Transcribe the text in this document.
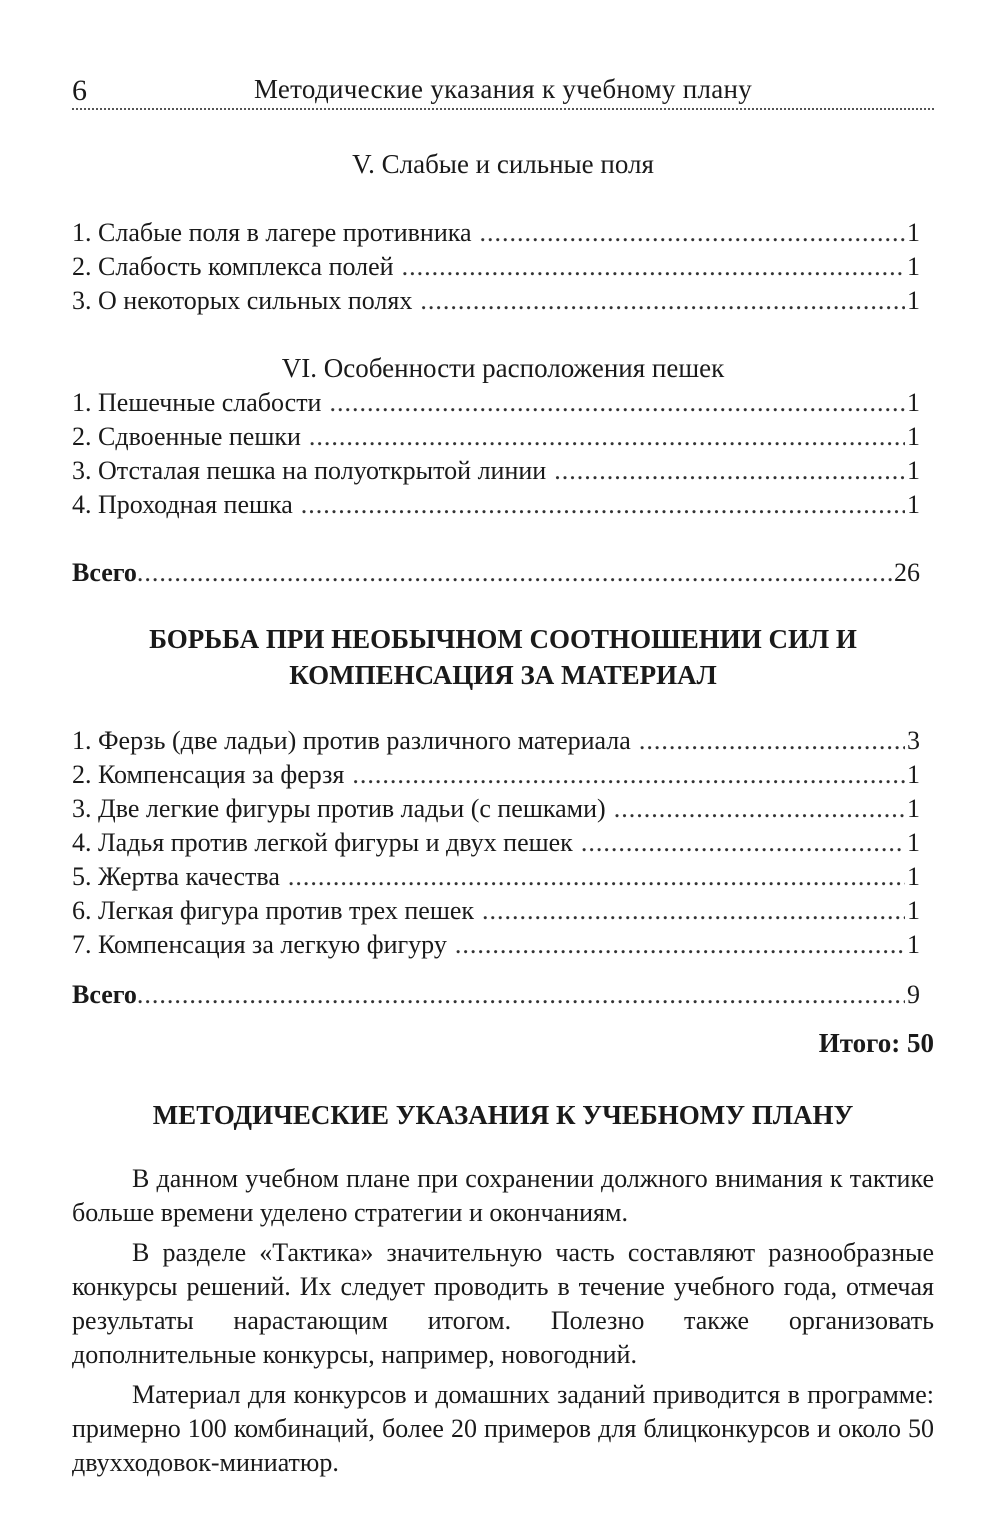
6	Методические указания к учебному плану
V. Слабые и сильные поля
1. Слабые поля в лагере противника .....	1
2. Слабость комплекса полей .....	1
3. О некоторых сильных полях .....	1
VI. Особенности расположения пешек
1. Пешечные слабости .....	1
2. Сдвоенные пешки .....	1
3. Отсталая пешка на полуоткрытой линии .....	1
4. Проходная пешка .....	1
Всего .....	26
БОРЬБА ПРИ НЕОБЫЧНОМ СООТНОШЕНИИ СИЛ И
КОМПЕНСАЦИЯ ЗА МАТЕРИАЛ
1. Ферзь (две ладьи) против различного материала .....	3
2. Компенсация за ферзя .....	1
3. Две легкие фигуры против ладьи (с пешками) .....	1
4. Ладья против легкой фигуры и двух пешек .....	1
5. Жертва качества .....	1
6. Легкая фигура против трех пешек .....	1
7. Компенсация за легкую фигуру .....	1
Всего .....	9
Итого: 50
МЕТОДИЧЕСКИЕ УКАЗАНИЯ К УЧЕБНОМУ ПЛАНУ

В данном учебном плане при сохранении должного внимания к тактике больше времени уделено стратегии и окончаниям.

В разделе «Тактика» значительную часть составляют разнообразные конкурсы решений. Их следует проводить в течение учебного года, отмечая результаты нарастающим итогом. Полезно также организовать дополнительные конкурсы, например, новогодний.

Материал для конкурсов и домашних заданий приводится в программе: примерно 100 комбинаций, более 20 примеров для блицконкурсов и около 50 двухходовок-миниатюр.
